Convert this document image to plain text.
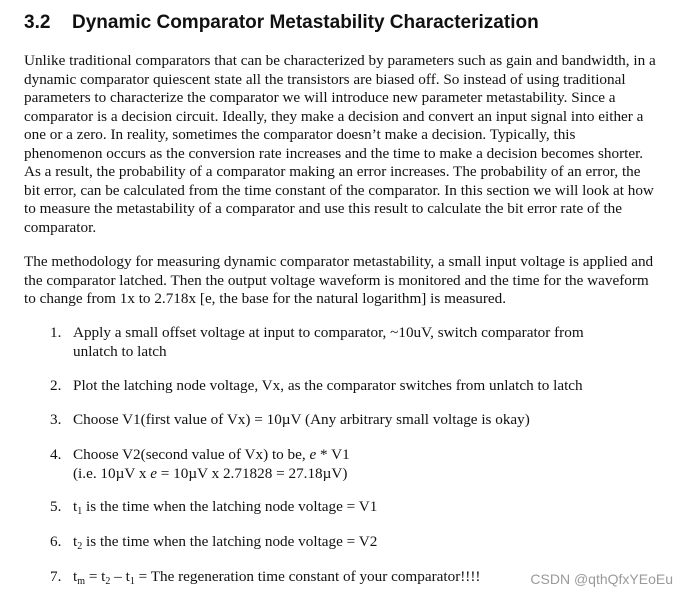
3.2 Dynamic Comparator Metastability Characterization

Unlike traditional comparators that can be characterized by parameters such as gain and bandwidth, in a dynamic comparator quiescent state all the transistors are biased off. So instead of using traditional parameters to characterize the comparator we will introduce new parameter metastability. Since a comparator is a decision circuit. Ideally, they make a decision and convert an input signal into either a one or a zero. In reality, sometimes the comparator doesn’t make a decision. Typically, this phenomenon occurs as the conversion rate increases and the time to make a decision becomes shorter. As a result, the probability of a comparator making an error increases. The probability of an error, the bit error, can be calculated from the time constant of the comparator. In this section we will look at how to measure the metastability of a comparator and use this result to calculate the bit error rate of the comparator.

The methodology for measuring dynamic comparator metastability, a small input voltage is applied and the comparator latched. Then the output voltage waveform is monitored and the time for the waveform to change from 1x to 2.718x [e, the base for the natural logarithm] is measured.

1. Apply a small offset voltage at input to comparator, ~10uV, switch comparator from
unlatch to latch
2. Plot the latching node voltage, Vx, as the comparator switches from unlatch to latch
3. Choose V1(first value of Vx) = 10µV (Any arbitrary small voltage is okay)
4. Choose V2(second value of Vx) to be, e * V1
(i.e. 10µV x e = 10µV x 2.71828 = 27.18µV)
5. $t_1$ is the time when the latching node voltage = V1
6. $t_2$ is the time when the latching node voltage = V2
7. $t_m = t_2 - t_1$ = The regeneration time constant of your comparator!!!!	CSDN @qthQfxYEoEu
